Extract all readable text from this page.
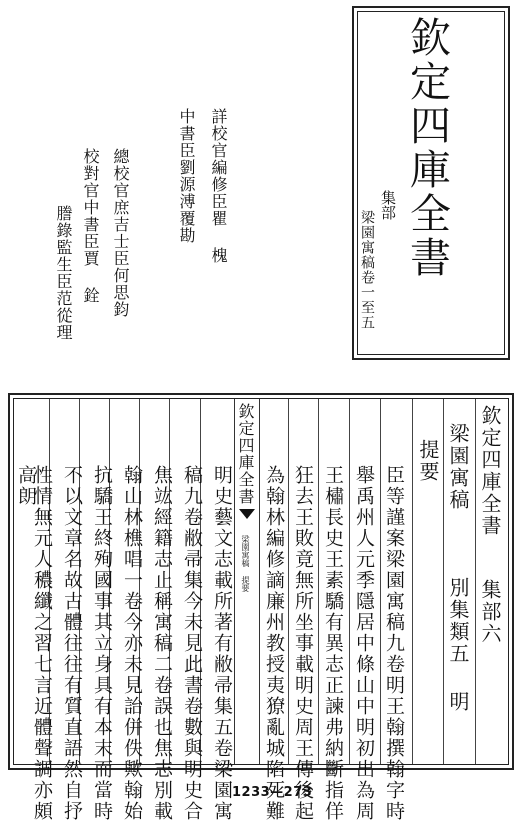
欽定四庫全書
集部
梁園寓稿卷一至五
詳校官編修臣瞿 槐
中書臣劉源溥覆勘
總校官庶吉士臣何思鈞
校對官中書臣賈 銓
謄錄監生臣范從理
欽定四庫全書
集部六
梁園寓稿
別集類五 明
提要
臣等謹案梁園寓稿九卷明王翰撰翰字時
舉禹州人元季隱居中條山中明初出為周
王橚長史王素驕有異志正諫弗納斷指佯
狂去王敗竟無所坐事載明史周王傳後起
為翰林編修謫廉州教授夷獠亂城陷死難
欽定四庫全書
梁園寓稿 提要
明史藝文志載所著有敝帚集五卷梁園寓
稿九卷敝帚集今未見此書卷數與明史合
焦竑經籍志止稱寓稿二卷誤也焦志別載
翰山林樵唱一卷今亦未見詒併佚歟翰始
抗驕王終殉國事其立身具有本末而當時
不以文章名故古體往往有質直語然自抒
性情無元人穠纖之習七言近體聲調亦頗
高朗
1233—273
